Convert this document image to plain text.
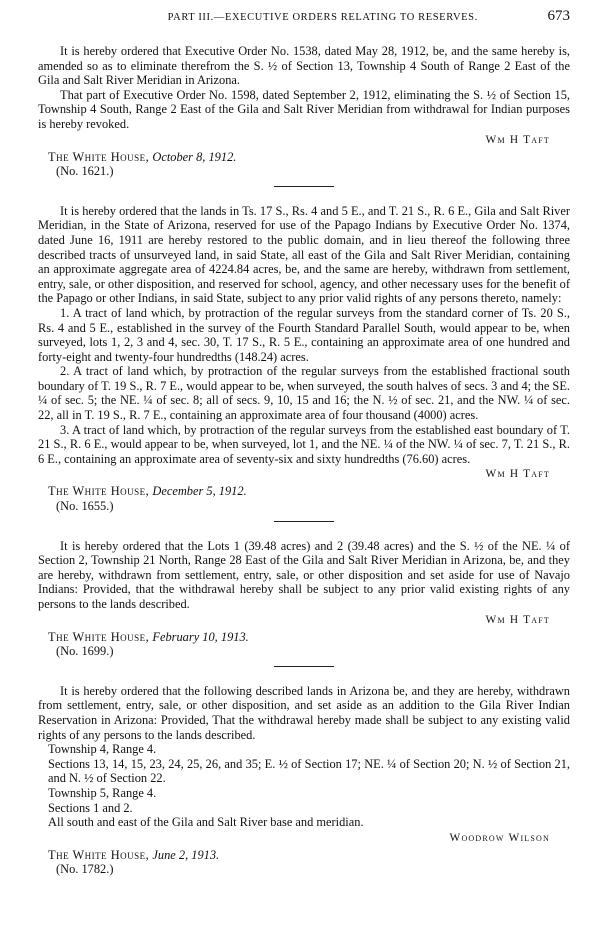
PART III.—EXECUTIVE ORDERS RELATING TO RESERVES.	673

It is hereby ordered that Executive Order No. 1538, dated May 28, 1912, be, and the same hereby is, amended so as to eliminate therefrom the S. ½ of Section 13, Township 4 South of Range 2 East of the Gila and Salt River Meridian in Arizona.

That part of Executive Order No. 1598, dated September 2, 1912, eliminating the S. ½ of Section 15, Township 4 South, Range 2 East of the Gila and Salt River Meridian from withdrawal for Indian purposes is hereby revoked.

Wm H Taft
The White House, October 8, 1912.
(No. 1621.)

It is hereby ordered that the lands in Ts. 17 S., Rs. 4 and 5 E., and T. 21 S., R. 6 E., Gila and Salt River Meridian, in the State of Arizona, reserved for use of the Papago Indians by Executive Order No. 1374, dated June 16, 1911 are hereby restored to the public domain, and in lieu thereof the following three described tracts of unsurveyed land, in said State, all east of the Gila and Salt River Meridian, containing an approximate aggregate area of 4224.84 acres, be, and the same are hereby, withdrawn from settlement, entry, sale, or other disposition, and reserved for school, agency, and other necessary uses for the benefit of the Papago or other Indians, in said State, subject to any prior valid rights of any persons thereto, namely:

1. A tract of land which, by protraction of the regular surveys from the standard corner of Ts. 20 S., Rs. 4 and 5 E., established in the survey of the Fourth Standard Parallel South, would appear to be, when surveyed, lots 1, 2, 3 and 4, sec. 30, T. 17 S., R. 5 E., containing an approximate area of one hundred and forty-eight and twenty-four hundredths (148.24) acres.

2. A tract of land which, by protraction of the regular surveys from the established fractional south boundary of T. 19 S., R. 7 E., would appear to be, when surveyed, the south halves of secs. 3 and 4; the SE. ¼ of sec. 5; the NE. ¼ of sec. 8; all of secs. 9, 10, 15 and 16; the N. ½ of sec. 21, and the NW. ¼ of sec. 22, all in T. 19 S., R. 7 E., containing an approximate area of four thousand (4000) acres.

3. A tract of land which, by protraction of the regular surveys from the established east boundary of T. 21 S., R. 6 E., would appear to be, when surveyed, lot 1, and the NE. ¼ of the NW. ¼ of sec. 7, T. 21 S., R. 6 E., containing an approximate area of seventy-six and sixty hundredths (76.60) acres.

Wm H Taft
The White House, December 5, 1912.
(No. 1655.)

It is hereby ordered that the Lots 1 (39.48 acres) and 2 (39.48 acres) and the S. ½ of the NE. ¼ of Section 2, Township 21 North, Range 28 East of the Gila and Salt River Meridian in Arizona, be, and they are hereby, withdrawn from settlement, entry, sale, or other disposition and set aside for use of Navajo Indians: Provided, that the withdrawal hereby shall be subject to any prior valid existing rights of any persons to the lands described.

Wm H Taft
The White House, February 10, 1913.
(No. 1699.)

It is hereby ordered that the following described lands in Arizona be, and they are hereby, withdrawn from settlement, entry, sale, or other disposition, and set aside as an addition to the Gila River Indian Reservation in Arizona: Provided, That the withdrawal hereby made shall be subject to any existing valid rights of any persons to the lands described.

Township 4, Range 4.

Sections 13, 14, 15, 23, 24, 25, 26, and 35; E. ½ of Section 17; NE. ¼ of Section 20; N. ½ of Section 21, and N. ½ of Section 22.

Township 5, Range 4.

Sections 1 and 2.

All south and east of the Gila and Salt River base and meridian.

Woodrow Wilson
The White House, June 2, 1913.
(No. 1782.)
